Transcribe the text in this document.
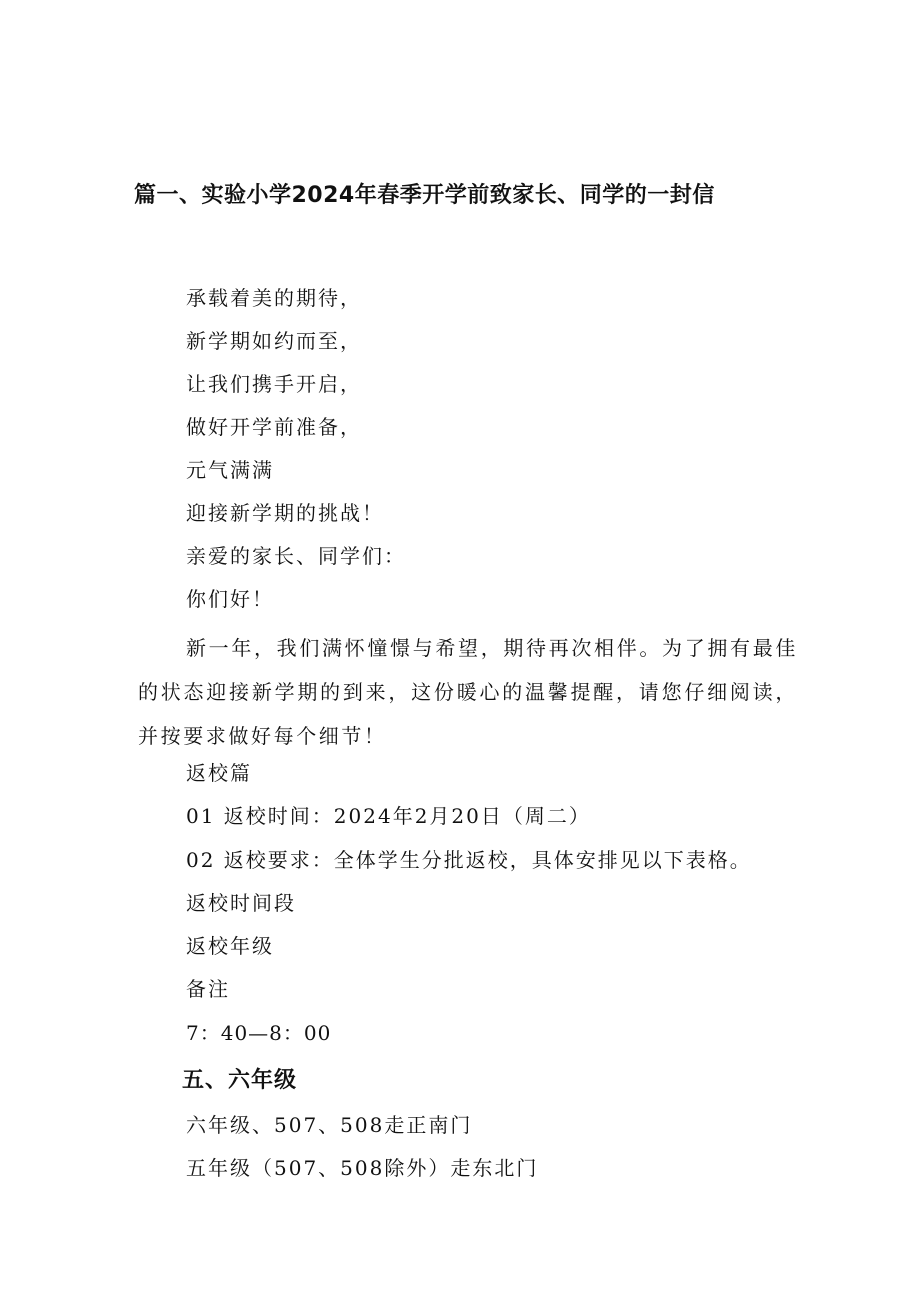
篇一、实验小学2024年春季开学前致家长、同学的一封信
承载着美的期待，
新学期如约而至，
让我们携手开启，
做好开学前准备，
元气满满
迎接新学期的挑战！
亲爱的家长、同学们：
你们好！
新一年，我们满怀憧憬与希望，期待再次相伴。为了拥有最佳的状态迎接新学期的到来，这份暖心的温馨提醒，请您仔细阅读，并按要求做好每个细节！
返校篇
01 返校时间：2024年2月20日（周二）
02 返校要求：全体学生分批返校，具体安排见以下表格。
返校时间段
返校年级
备注
7：40—8：00
五、六年级
六年级、507、508走正南门
五年级（507、508除外）走东北门
